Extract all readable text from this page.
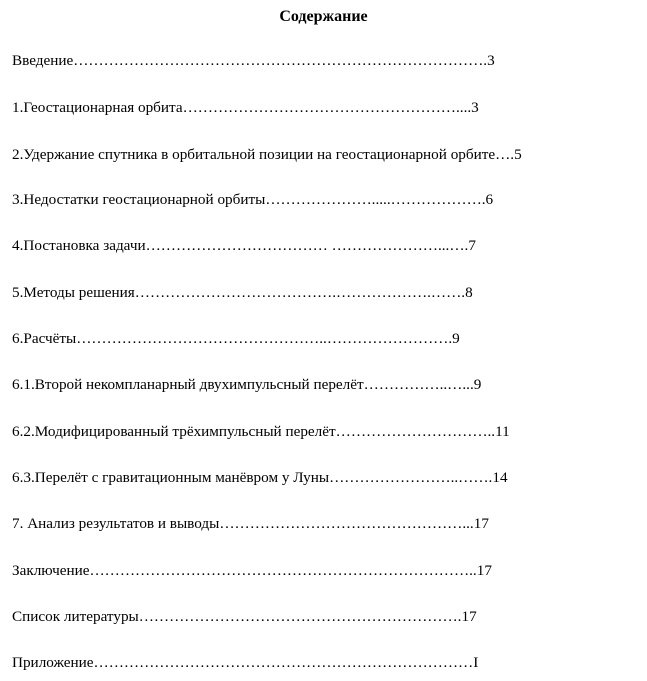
Содержание
Введение……………………………………………………………………….3
1.Геостационарная орбита………………………………………………....3
2.Удержание спутника в орбитальной позиции на геостационарной орбите….5
3.Недостатки геостационарной орбиты………………….....……………….6
4.Постановка задачи……………………………… …………………...….7
5.Методы решения………………………………….……………….…….8
6.Расчёты…………………………………………..…………………….9
6.1.Второй некомпланарный двухимпульсный перелёт……………..…...9
6.2.Модифицированный трёхимпульсный перелёт…………………………..11
6.3.Перелёт с гравитационным манёвром у Луны……………………..…….14
7. Анализ результатов и выводы…………………………………………...17
Заключение…………………………………………………………………..17
Список литературы……………………………………………………….17
Приложение…………………………………………………………………I
